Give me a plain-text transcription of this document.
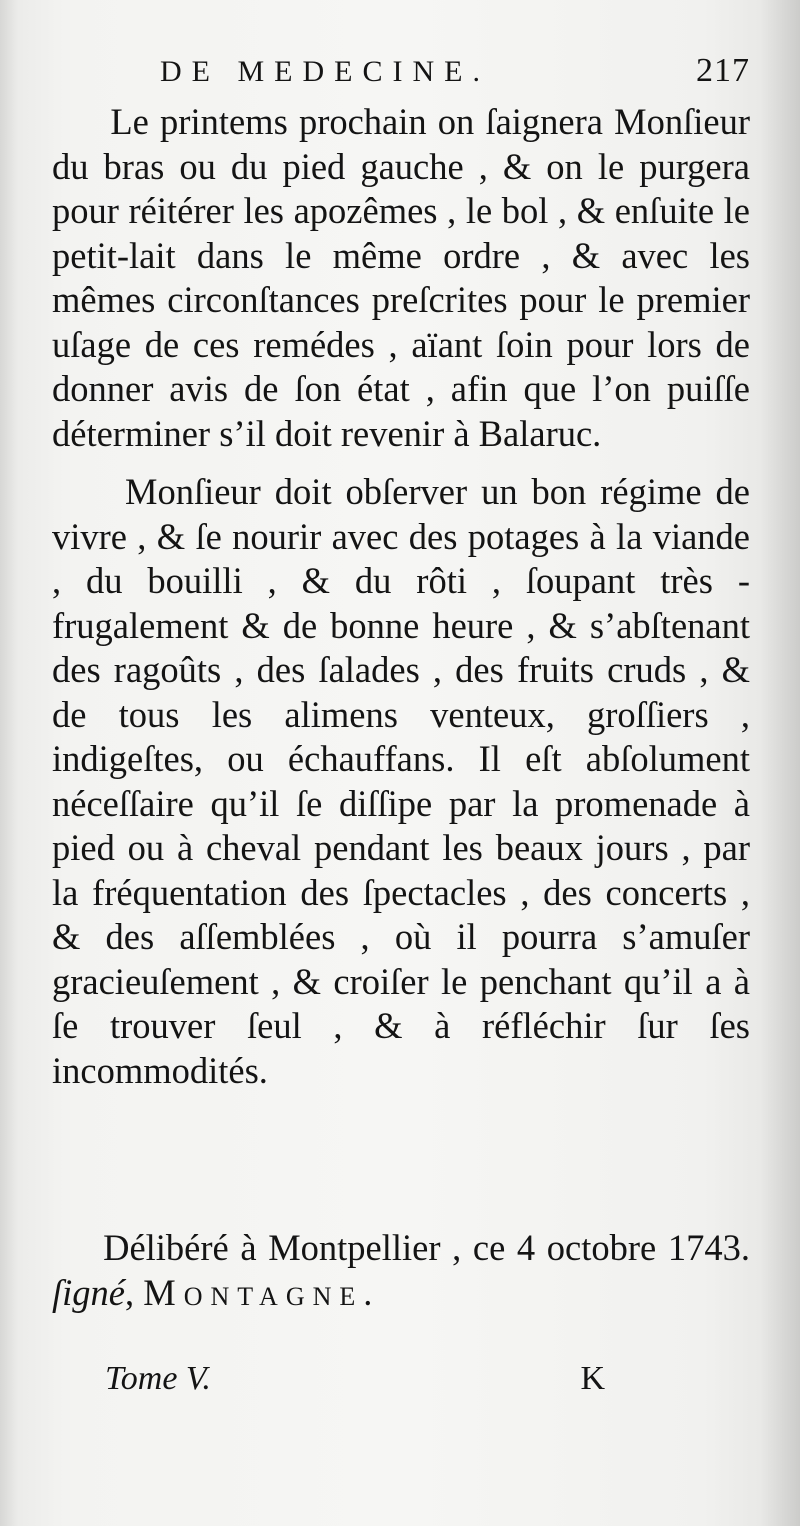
DE MEDECINE.	217

Le printems prochain on ſaignera Monſieur du bras ou du pied gauche , & on le purgera pour réitérer les apozêmes , le bol , & enſuite le petit-lait dans le même ordre , & avec les mêmes circonſtances preſcrites pour le premier uſage de ces remédes , aïant ſoin pour lors de donner avis de ſon état , afin que l’on puiſſe déterminer s’il doit revenir à Balaruc.

Monſieur doit obſerver un bon régime de vivre , & ſe nourir avec des potages à la viande , du bouilli , & du rôti , ſoupant très - frugalement & de bonne heure , & s’abſtenant des ragoûts , des ſalades , des fruits cruds , & de tous les alimens venteux, groſſiers , indigeſtes, ou échauffans. Il eſt abſolument néceſſaire qu’il ſe diſſipe par la promenade à pied ou à cheval pendant les beaux jours , par la fréquentation des ſpectacles , des concerts , & des aſſemblées , où il pourra s’amuſer gracieuſement , & croiſer le penchant qu’il a à ſe trouver ſeul , & à réfléchir ſur ſes incommodités.

Délibéré à Montpellier , ce 4 octobre 1743. ſigné, Montagne.

Tome V.	K
